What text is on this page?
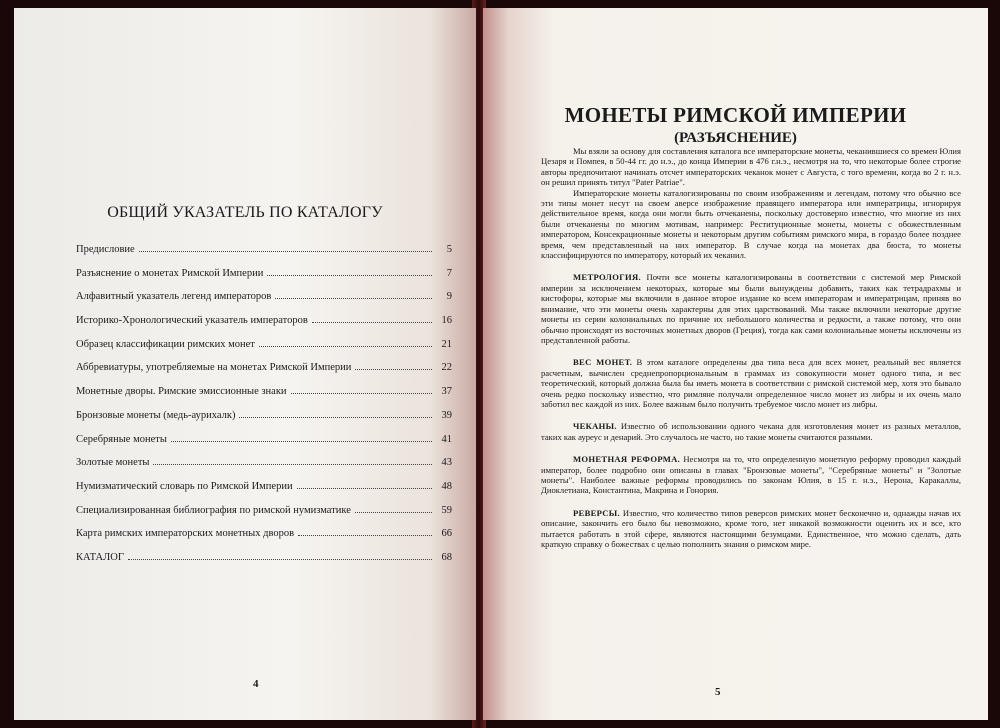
ОБЩИЙ УКАЗАТЕЛЬ ПО КАТАЛОГУ
Предисловие	5
Разъяснение о монетах Римской Империи	7
Алфавитный указатель легенд императоров	9
Историко-Хронологический указатель императоров	16
Образец классификации римских монет	21
Аббревиатуры, употребляемые на монетах Римской Империи	22
Монетные дворы. Римские эмиссионные знаки	37
Бронзовые монеты (медь-аурихалк)	39
Серебряные монеты	41
Золотые монеты	43
Нумизматический словарь по Римской Империи	48
Специализированная библиография по римской нумизматике	59
Карта римских императорских монетных дворов	66
КАТАЛОГ	68
4
МОНЕТЫ РИМСКОЙ ИМПЕРИИ
(РАЗЪЯСНЕНИЕ)

Мы взяли за основу для составления каталога все императорские монеты, чеканившиеся со времен Юлия Цезаря и Помпея, в 50-44 гг. до н.э., до конца Империи в 476 г.н.э., несмотря на то, что некоторые более строгие авторы предпочитают начинать отсчет императорских чеканок монет с Августа, с того времени, когда во 2 г. н.э. он решил принять титул "Pater Patriae".

Императорские монеты каталогизированы по своим изображениям и легендам, потому что обычно все эти типы монет несут на своем аверсе изображение правящего императора или императрицы, игнорируя действительное время, когда они могли быть отчеканены, поскольку достоверно известно, что многие из них были отчеканены по многим мотивам, например: Реституционные монеты, монеты с обожествленным императором, Консекрационные монеты и некоторым другим событиям римского мира, в гораздо более позднее время, чем представленный на них император. В случае когда на монетах два бюста, то монеты классифицируются по императору, который их чеканил.

МЕТРОЛОГИЯ. Почти все монеты каталогизированы в соответствии с системой мер Римской империи за исключением некоторых, которые мы были вынуждены добавить, таких как тетрадрахмы и кистофоры, которые мы включили в данное второе издание ко всем императорам и императрицам, приняв во внимание, что эти монеты очень характерны для этих царствований. Мы также включили некоторые другие монеты из серии колониальных по причине их небольшого количества и редкости, а также потому, что они обычно происходят из восточных монетных дворов (Греция), тогда как сами колониальные монеты исключены из представленной работы.

ВЕС МОНЕТ. В этом каталоге определены два типа веса для всех монет, реальный вес является расчетным, вычислен среднепропорциональным в граммах из совокупности монет одного типа, и вес теоретический, который должна была бы иметь монета в соответствии с римской системой мер, хотя это бывало очень редко поскольку известно, что римляне получали определенное число монет из либры и их очень мало заботил вес каждой из них. Более важным было получить требуемое число монет из либры.

ЧЕКАНЫ. Известно об использовании одного чекана для изготовления монет из разных металлов, таких как ауреус и денарий. Это случалось не часто, но такие монеты считаются разными.

МОНЕТНАЯ РЕФОРМА. Несмотря на то, что определенную монетную реформу проводил каждый император, более подробно они описаны в главах "Бронзовые монеты", "Серебряные монеты" и "Золотые монеты". Наиболее важные реформы проводились по законам Юлия, в 15 г. н.э., Нерона, Каракаллы, Диоклетиана, Константина, Макрина и Гонория.

РЕВЕРСЫ. Известно, что количество типов реверсов римских монет бесконечно и, однажды начав их описание, закончить его было бы невозможно, кроме того, нет никакой возможности оценить их и все, кто пытается работать в этой сфере, являются настоящими безумцами. Единственное, что можно сделать, дать краткую справку о божествах с целью пополнить знания о римском мире.

5
